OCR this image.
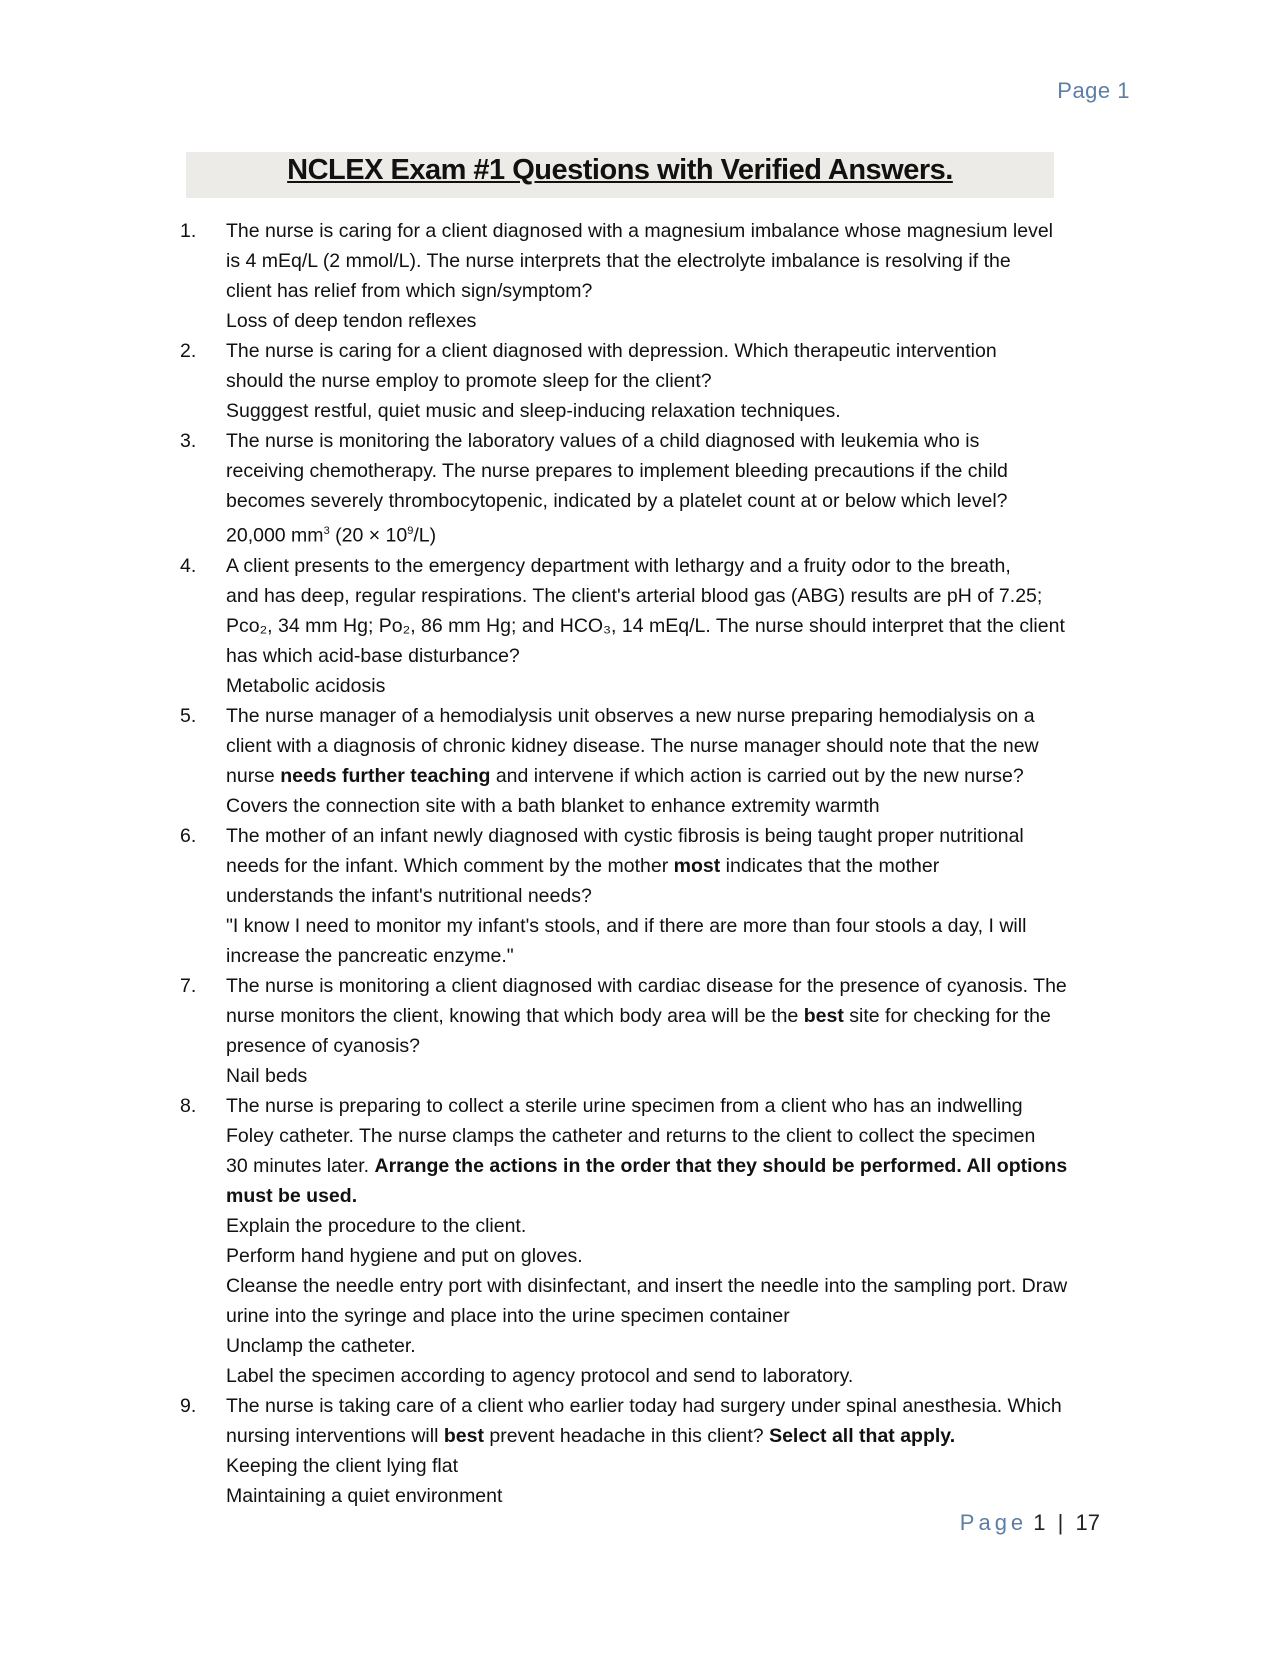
Page 1
NCLEX Exam #1 Questions with Verified Answers.
1.	The nurse is caring for a client diagnosed with a magnesium imbalance whose magnesium level
is 4 mEq/L (2 mmol/L). The nurse interprets that the electrolyte imbalance is resolving if the
client has relief from which sign/symptom?
Loss of deep tendon reflexes
2.	The nurse is caring for a client diagnosed with depression. Which therapeutic intervention
should the nurse employ to promote sleep for the client?
Sugggest restful, quiet music and sleep-inducing relaxation techniques.
3.	The nurse is monitoring the laboratory values of a child diagnosed with leukemia who is
receiving chemotherapy. The nurse prepares to implement bleeding precautions if the child
becomes severely thrombocytopenic, indicated by a platelet count at or below which level?
20,000 $mm^3$ $(20 \times 10^9/L)$
4.	A client presents to the emergency department with lethargy and a fruity odor to the breath,
and has deep, regular respirations. The client's arterial blood gas (ABG) results are pH of 7.25;
Pco₂, 34 mm Hg; Po₂, 86 mm Hg; and HCO₃, 14 mEq/L. The nurse should interpret that the client
has which acid-base disturbance?
Metabolic acidosis
5.	The nurse manager of a hemodialysis unit observes a new nurse preparing hemodialysis on a
client with a diagnosis of chronic kidney disease. The nurse manager should note that the new
nurse needs further teaching and intervene if which action is carried out by the new nurse?
Covers the connection site with a bath blanket to enhance extremity warmth
6.	The mother of an infant newly diagnosed with cystic fibrosis is being taught proper nutritional
needs for the infant. Which comment by the mother most indicates that the mother
understands the infant's nutritional needs?
"I know I need to monitor my infant's stools, and if there are more than four stools a day, I will
increase the pancreatic enzyme."
7.	The nurse is monitoring a client diagnosed with cardiac disease for the presence of cyanosis. The
nurse monitors the client, knowing that which body area will be the best site for checking for the
presence of cyanosis?
Nail beds
8.	The nurse is preparing to collect a sterile urine specimen from a client who has an indwelling
Foley catheter. The nurse clamps the catheter and returns to the client to collect the specimen
30 minutes later. Arrange the actions in the order that they should be performed. All options
must be used.
Explain the procedure to the client.
Perform hand hygiene and put on gloves.
Cleanse the needle entry port with disinfectant, and insert the needle into the sampling port. Draw
urine into the syringe and place into the urine specimen container
Unclamp the catheter.
Label the specimen according to agency protocol and send to laboratory.
9.	The nurse is taking care of a client who earlier today had surgery under spinal anesthesia. Which
nursing interventions will best prevent headache in this client? Select all that apply.
Keeping the client lying flat
Maintaining a quiet environment
Page 1 | 17
